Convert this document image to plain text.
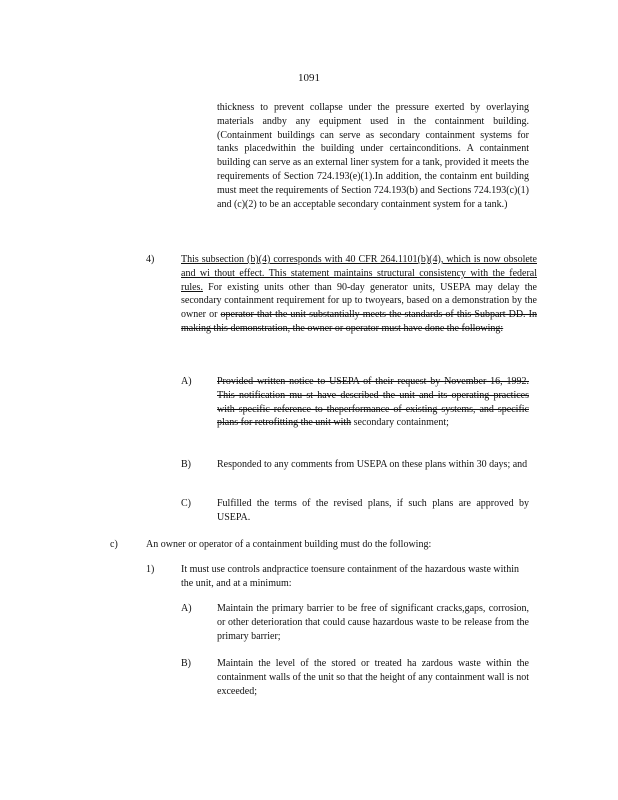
1091
thickness to prevent collapse under the pressure exerted by overlaying materials andby any equipment used in the containment building. (Containment buildings can serve as secondary containment systems for tanks placedwithin the building under certainconditions. A containment building can serve as an external liner system for a tank, provided it meets the requirements of Section 724.193(e)(1).In addition, the containm ent building must meet the requirements of Section 724.193(b) and Sections 724.193(c)(1) and (c)(2) to be an acceptable secondary containment system for a tank.)
4)	This subsection (b)(4) corresponds with 40 CFR 264.1101(b)(4), which is now obsolete and wi thout effect. This statement maintains structural consistency with the federal rules. For existing units other than 90-day generator units, USEPA may delay the secondary containment requirement for up to twoyears, based on a demonstration by the owner or operator that the unit substantially meets the standards of this Subpart DD. In making this demonstration, the owner or operator must have done the following:
A)	Provided written notice to USEPA of their request by November 16, 1992. This notification mu st have described the unit and its operating practices with specific reference to theperformance of existing systems, and specific plans for retrofitting the unit with secondary containment;
B)	Responded to any comments from USEPA on these plans within 30 days; and
C)	Fulfilled the terms of the revised plans, if such plans are approved by USEPA.
c)	An owner or operator of a containment building must do the following:
1)	It must use controls andpractice toensure containment of the hazardous waste within the unit, and at a minimum:
A)	Maintain the primary barrier to be free of significant cracks,gaps, corrosion, or other deterioration that could cause hazardous waste to be release from the primary barrier;
B)	Maintain the level of the stored or treated ha zardous waste within the containment walls of the unit so that the height of any containment wall is not exceeded;
